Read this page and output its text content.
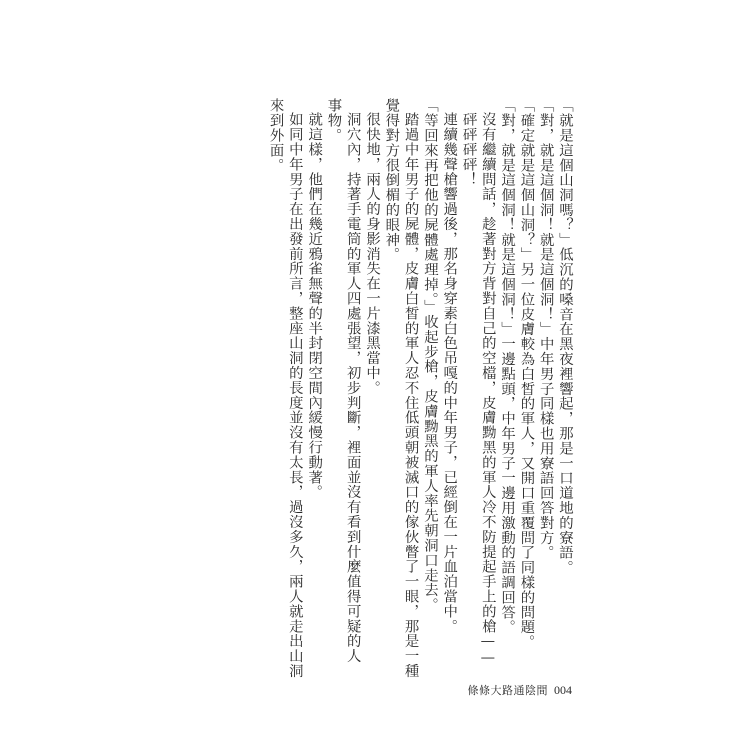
「就是這個山洞嗎？」低沉的嗓音在黑夜裡響起，那是一口道地的寮語。
「對，就是這個洞！就是這個洞！」中年男子同樣也用寮語回答對方。
「確定就是這個山洞？」另一位皮膚較為白皙的軍人，又開口重覆問了同樣的問題。
「對，就是這個洞！就是這個洞！」一邊點頭，中年男子一邊用激動的語調回答。
沒有繼續問話，趁著對方背對自己的空檔，皮膚黝黑的軍人冷不防提起手上的槍——
砰砰砰砰！
連續幾聲槍響過後，那名身穿素白色吊嘎的中年男子，已經倒在一片血泊當中。
「等回來再把他的屍體處理掉。」收起步槍，皮膚黝黑的軍人率先朝洞口走去。
踏過中年男子的屍體，皮膚白皙的軍人忍不住低頭朝被滅口的傢伙瞥了一眼，那是一種
覺得對方很倒楣的眼神。
很快地，兩人的身影消失在一片漆黑當中。
洞穴內，持著手電筒的軍人四處張望，初步判斷，裡面並沒有看到什麼值得可疑的人
事物。
就這樣，他們在幾近鴉雀無聲的半封閉空間內緩慢行動著。
如同中年男子在出發前所言，整座山洞的長度並沒有太長，過沒多久，兩人就走出山洞
來到外面。
條條大路通陰間 004
